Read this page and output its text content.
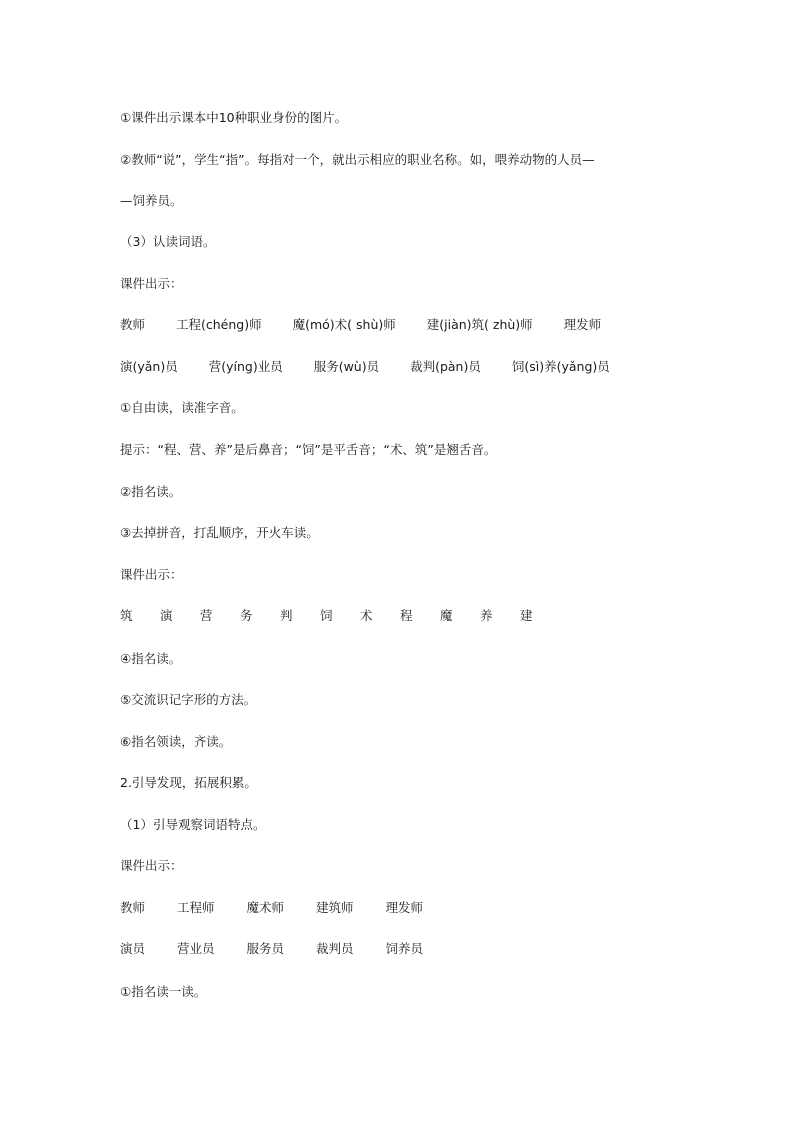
①课件出示课本中10种职业身份的图片。
②教师“说”，学生“指”。每指对一个，就出示相应的职业名称。如，喂养动物的人员—
—饲养员。
（3）认读词语。
课件出示：
教师 工程(chéng)师 魔(mó)术( shù)师 建(jiàn)筑( zhù)师 理发师
演(yǎn)员 营(yíng)业员 服务(wù)员 裁判(pàn)员 饲(sì)养(yǎng)员
①自由读，读准字音。
提示：“程、营、养”是后鼻音；“饲”是平舌音；“术、筑”是翘舌音。
②指名读。
③去掉拼音，打乱顺序，开火车读。
课件出示：
筑 演 营 务 判 饲 术 程 魔 养 建
④指名读。
⑤交流识记字形的方法。
⑥指名领读，齐读。
2.引导发现，拓展积累。
（1）引导观察词语特点。
课件出示：
教师	工程师	魔术师	建筑师	理发师
演员	营业员	服务员	裁判员	饲养员
①指名读一读。
